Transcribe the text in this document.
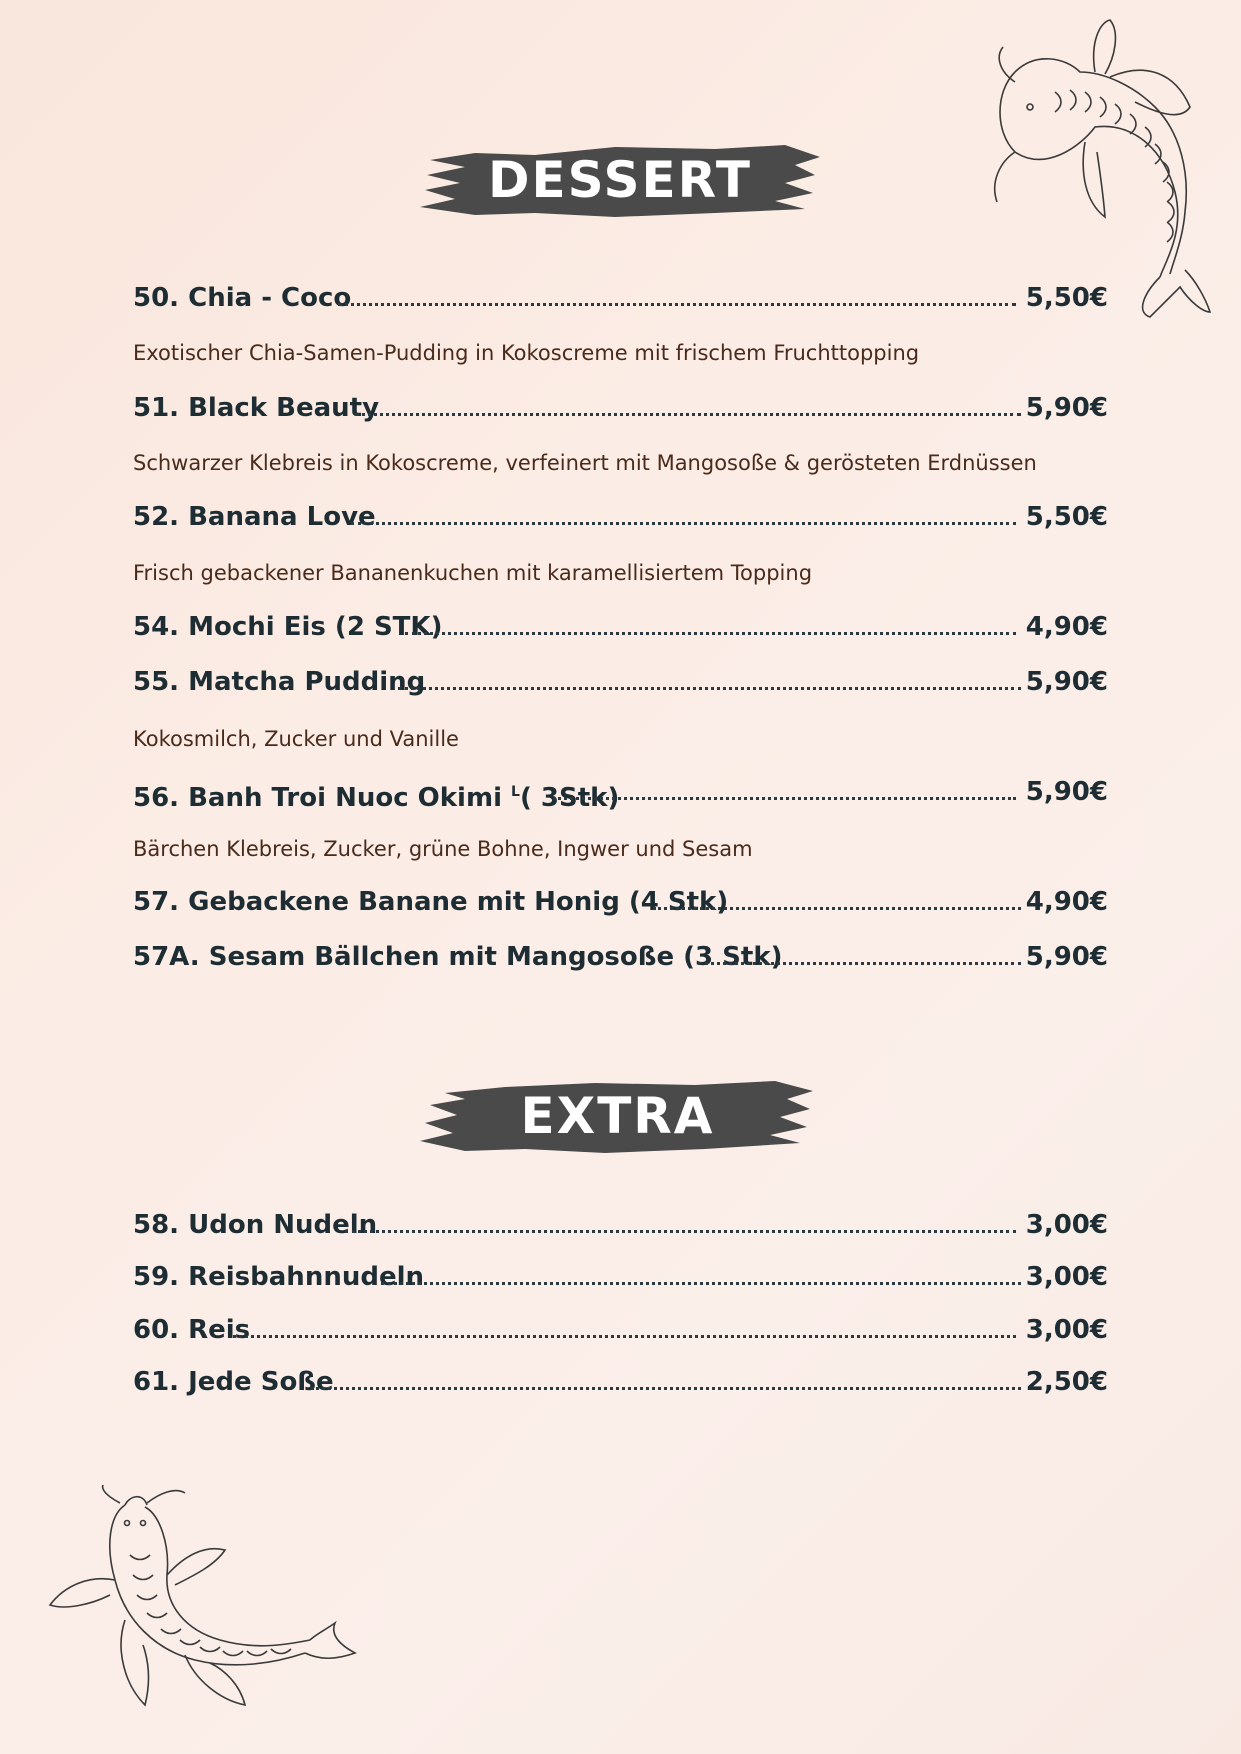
DESSERT
50. Chia - Coco	5,50€
Exotischer Chia-Samen-Pudding in Kokoscreme mit frischem Fruchttopping
51. Black Beauty	5,90€
Schwarzer Klebreis in Kokoscreme, verfeinert mit Mangosoße & gerösteten Erdnüssen
52. Banana Love	5,50€
Frisch gebackener Bananenkuchen mit karamellisiertem Topping
54. Mochi Eis (2 STK)	4,90€
55. Matcha Pudding	5,90€
Kokosmilch, Zucker und Vanille
56. Banh Troi Nuoc Okimi $^L$( 3Stk)	5,90€
Bärchen Klebreis, Zucker, grüne Bohne, Ingwer und Sesam
57. Gebackene Banane mit Honig (4 Stk)	4,90€
57A. Sesam Bällchen mit Mangosoße (3 Stk)	5,90€
EXTRA
58. Udon Nudeln	3,00€
59. Reisbahnnudeln	3,00€
60. Reis	3,00€
61. Jede Soße	2,50€
